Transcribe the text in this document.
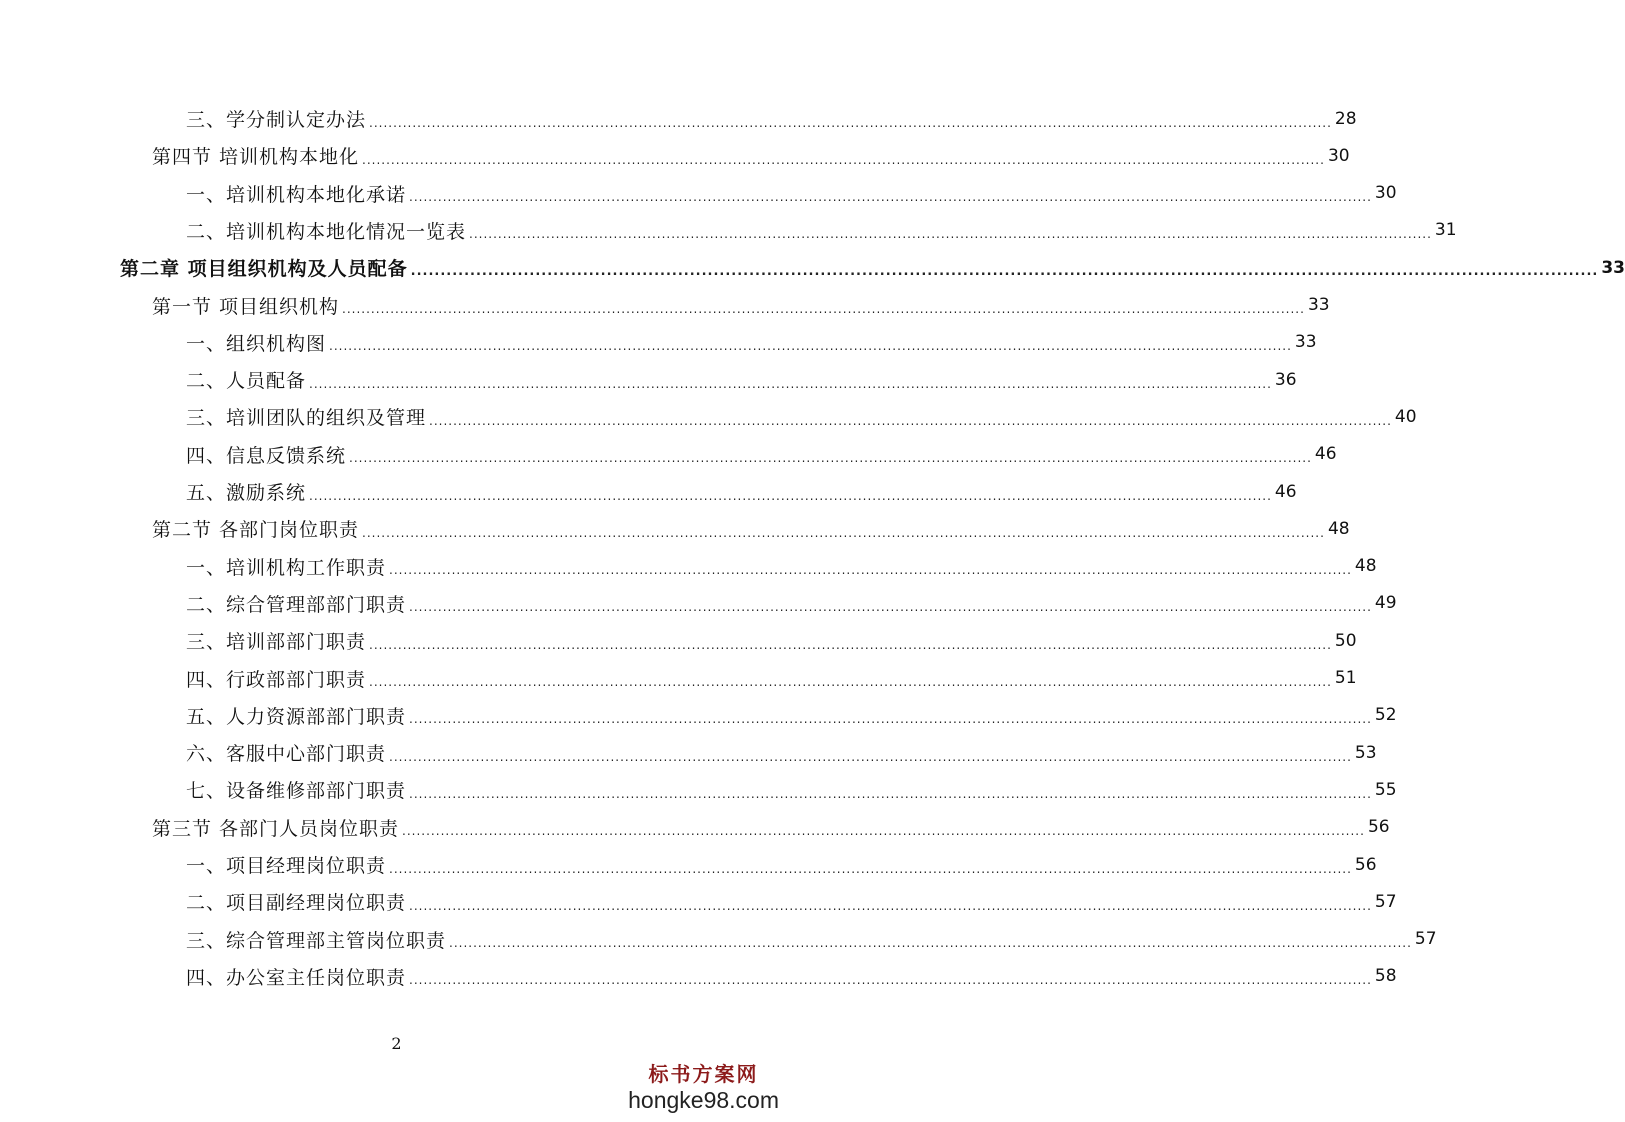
三、学分制认定办法 ........................................................................................................................................................................................................ 28
第四节 培训机构本地化 ........................................................................................................................................................................................................ 30
一、培训机构本地化承诺 ........................................................................................................................................................................................................ 30
二、培训机构本地化情况一览表 ........................................................................................................................................................................................................ 31
第二章 项目组织机构及人员配备 ........................................................................................................................................................................................................ 33
第一节 项目组织机构 ........................................................................................................................................................................................................ 33
一、组织机构图 ........................................................................................................................................................................................................ 33
二、人员配备 ........................................................................................................................................................................................................ 36
三、培训团队的组织及管理 ........................................................................................................................................................................................................ 40
四、信息反馈系统 ........................................................................................................................................................................................................ 46
五、激励系统 ........................................................................................................................................................................................................ 46
第二节 各部门岗位职责 ........................................................................................................................................................................................................ 48
一、培训机构工作职责 ........................................................................................................................................................................................................ 48
二、综合管理部部门职责 ........................................................................................................................................................................................................ 49
三、培训部部门职责 ........................................................................................................................................................................................................ 50
四、行政部部门职责 ........................................................................................................................................................................................................ 51
五、人力资源部部门职责 ........................................................................................................................................................................................................ 52
六、客服中心部门职责 ........................................................................................................................................................................................................ 53
七、设备维修部部门职责 ........................................................................................................................................................................................................ 55
第三节 各部门人员岗位职责 ........................................................................................................................................................................................................ 56
一、项目经理岗位职责 ........................................................................................................................................................................................................ 56
二、项目副经理岗位职责 ........................................................................................................................................................................................................ 57
三、综合管理部主管岗位职责 ........................................................................................................................................................................................................ 57
四、办公室主任岗位职责 ........................................................................................................................................................................................................ 58
2
标书方案网
hongke98.com
